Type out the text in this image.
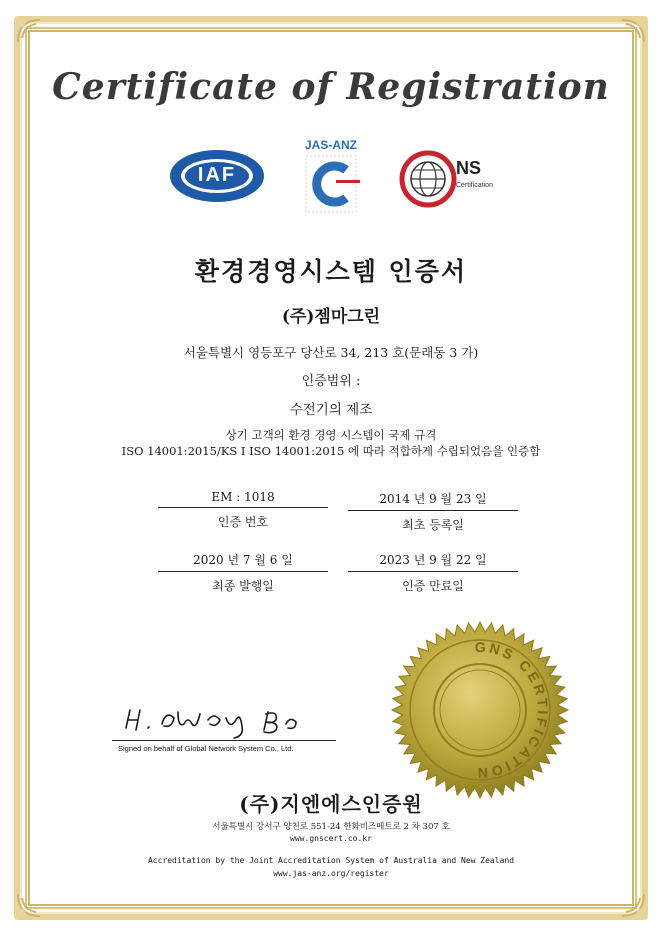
Certificate of Registration
IAF
JAS-ANZ
NS
Certification
환경경영시스템 인증서
(주)젬마그린
서울특별시 영등포구 당산로 34, 213 호(문래동 3 가)
인증범위 :
수전기의 제조
상기 고객의 환경 경영 시스템이 국제 규격
ISO 14001:2015/KS I ISO 14001:2015 에 따라 적합하게 수립되었음을 인증함
EM : 1018
인증 번호
2014 년 9 월 23 일
최초 등록일
2020 년 7 월 6 일
최종 발행일
2023 년 9 월 22 일
인증 만료일
GNS CERTIFICATION
Signed on behalf of Global Network System Co., Ltd.
(주)지엔에스인증원
서울특별시 강서구 양천로 551-24 한화비즈메트로 2 차 307 호
www.gnscert.co.kr
Accreditation by the Joint Accreditation System of Australia and New Zealand
www.jas-anz.org/register
